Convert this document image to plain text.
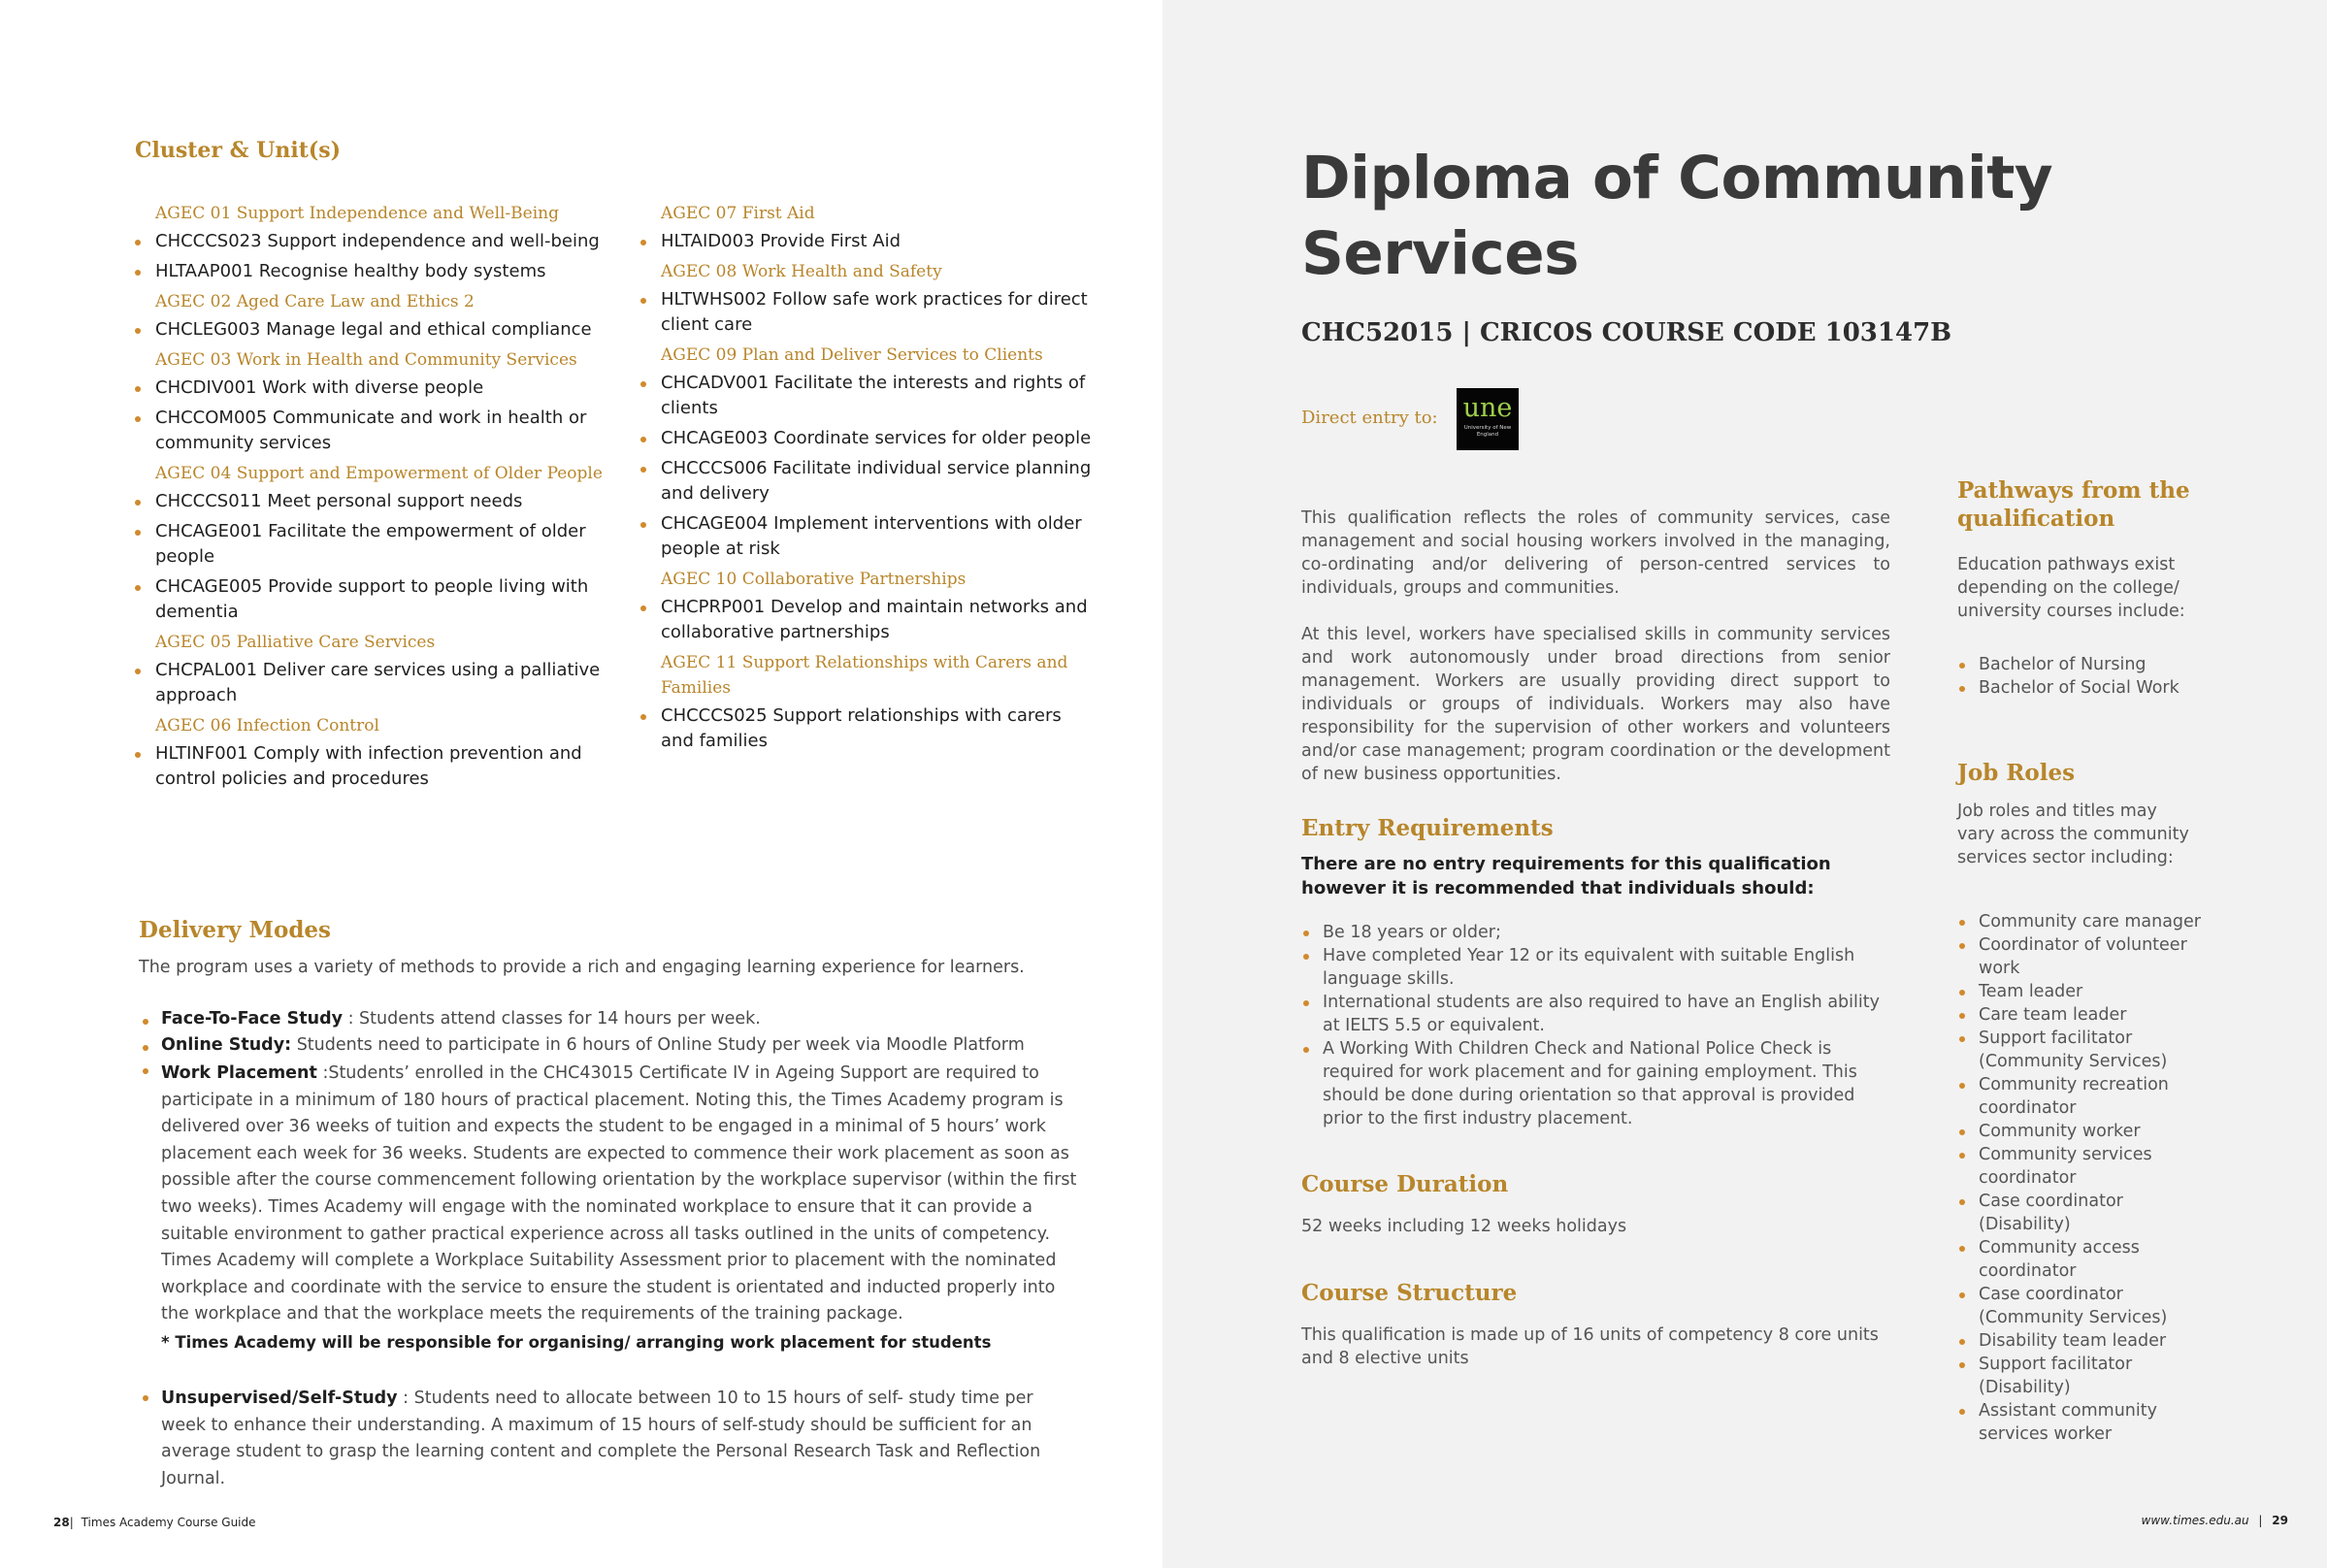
Cluster & Unit(s)
AGEC 01 Support Independence and Well-Being
CHCCCS023 Support independence and well-being
HLTAAP001 Recognise healthy body systems
AGEC 02 Aged Care Law and Ethics 2
CHCLEG003 Manage legal and ethical compliance
AGEC 03 Work in Health and Community Services
CHCDIV001 Work with diverse people
CHCCOM005 Communicate and work in health or community services
AGEC 04 Support and Empowerment of Older People
CHCCCS011 Meet personal support needs
CHCAGE001 Facilitate the empowerment of older people
CHCAGE005 Provide support to people living with dementia
AGEC 05 Palliative Care Services
CHCPAL001 Deliver care services using a palliative approach
AGEC 06 Infection Control
HLTINF001 Comply with infection prevention and control policies and procedures
AGEC 07 First Aid
HLTAID003 Provide First Aid
AGEC 08 Work Health and Safety
HLTWHS002 Follow safe work practices for direct client care
AGEC 09 Plan and Deliver Services to Clients
CHCADV001 Facilitate the interests and rights of clients
CHCAGE003 Coordinate services for older people
CHCCCS006 Facilitate individual service planning and delivery
CHCAGE004 Implement interventions with older people at risk
AGEC 10 Collaborative Partnerships
CHCPRP001 Develop and maintain networks and collaborative partnerships
AGEC 11 Support Relationships with Carers and Families
CHCCCS025 Support relationships with carers and families
Delivery Modes
The program uses a variety of methods to provide a rich and engaging learning experience for learners.
Face-To-Face Study : Students attend classes for 14 hours per week.
Online Study: Students need to participate in 6 hours of Online Study per week via Moodle Platform
Work Placement :Students’ enrolled in the CHC43015 Certificate IV in Ageing Support are required to participate in a minimum of 180 hours of practical placement. Noting this, the Times Academy program is delivered over 36 weeks of tuition and expects the student to be engaged in a minimal of 5 hours’ work placement each week for 36 weeks. Students are expected to commence their work placement as soon as possible after the course commencement following orientation by the workplace supervisor (within the first two weeks). Times Academy will engage with the nominated workplace to ensure that it can provide a suitable environment to gather practical experience across all tasks outlined in the units of competency. Times Academy will complete a Workplace Suitability Assessment prior to placement with the nominated workplace and coordinate with the service to ensure the student is orientated and inducted properly into the workplace and that the workplace meets the requirements of the training package.
* Times Academy will be responsible for organising/ arranging work placement for students
Unsupervised/Self-Study : Students need to allocate between 10 to 15 hours of self- study time per week to enhance their understanding. A maximum of 15 hours of self-study should be sufficient for an average student to grasp the learning content and complete the Personal Research Task and Reflection Journal.
28| Times Academy Course Guide
Diploma of Community Services
CHC52015 | CRICOS COURSE CODE 103147B
Direct entry to: une
University of New England
This qualification reflects the roles of community services, case management and social housing workers involved in the managing, co-ordinating and/or delivering of person-centred services to individuals, groups and communities.
At this level, workers have specialised skills in community services and work autonomously under broad directions from senior management. Workers are usually providing direct support to individuals or groups of individuals. Workers may also have responsibility for the supervision of other workers and volunteers and/or case management; program coordination or the development of new business opportunities.
Entry Requirements
There are no entry requirements for this qualification however it is recommended that individuals should:
Be 18 years or older;
Have completed Year 12 or its equivalent with suitable English language skills.
International students are also required to have an English ability at IELTS 5.5 or equivalent.
A Working With Children Check and National Police Check is required for work placement and for gaining employment. This should be done during orientation so that approval is provided prior to the first industry placement.
Course Duration
52 weeks including 12 weeks holidays
Course Structure
This qualification is made up of 16 units of competency 8 core units and 8 elective units
Pathways from the qualification
Education pathways exist depending on the college/ university courses include:
Bachelor of Nursing
Bachelor of Social Work
Job Roles
Job roles and titles may vary across the community services sector including:
Community care manager
Coordinator of volunteer work
Team leader
Care team leader
Support facilitator (Community Services)
Community recreation coordinator
Community worker
Community services coordinator
Case coordinator (Disability)
Community access coordinator
Case coordinator (Community Services)
Disability team leader
Support facilitator (Disability)
Assistant community services worker
www.times.edu.au | 29
